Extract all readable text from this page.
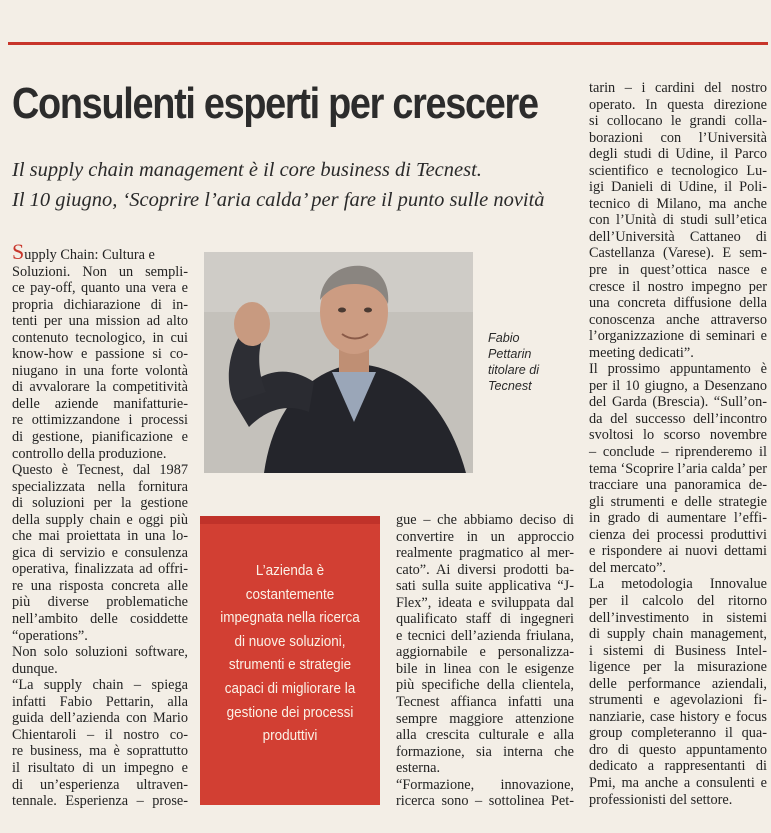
Consulenti esperti per crescere

Il supply chain management è il core business di Tecnest.

Il 10 giugno, ‘Scoprire l’aria calda’ per fare il punto sulle novità

Supply Chain: Cultura e
Soluzioni. Non un sempli-
ce pay-off, quanto una vera e
propria dichiarazione di in-
tenti per una mission ad alto
contenuto tecnologico, in cui
know-how e passione si co-
niugano in una forte volontà
di avvalorare la competitività
delle aziende manifatturie-
re ottimizzandone i processi
di gestione, pianificazione e
controllo della produzione.
Questo è Tecnest, dal 1987
specializzata nella fornitura
di soluzioni per la gestione
della supply chain e oggi più
che mai proiettata in una lo-
gica di servizio e consulenza
operativa, finalizzata ad offri-
re una risposta concreta alle
più diverse problematiche
nell’ambito delle cosiddette
“operations”.
Non solo soluzioni software,
dunque.
“La supply chain – spiega
infatti Fabio Pettarin, alla
guida dell’azienda con Mario
Chientaroli – il nostro co-
re business, ma è soprattutto
il risultato di un impegno e
di un’esperienza ultraven-
tennale. Esperienza – prose-
Fabio
Pettarin
titolare di
Tecnest
L’azienda è
costantemente
impegnata nella ricerca
di nuove soluzioni,
strumenti e strategie
capaci di migliorare la
gestione dei processi
produttivi
gue – che abbiamo deciso di
convertire in un approccio
realmente pragmatico al mer-
cato”. Ai diversi prodotti ba-
sati sulla suite applicativa “J-
Flex”, ideata e sviluppata dal
qualificato staff di ingegneri
e tecnici dell’azienda friulana,
aggiornabile e personalizza-
bile in linea con le esigenze
più specifiche della clientela,
Tecnest affianca infatti una
sempre maggiore attenzione
alla crescita culturale e alla
formazione, sia interna che
esterna.
“Formazione, innovazione,
ricerca sono – sottolinea Pet-
tarin – i cardini del nostro
operato. In questa direzione
si collocano le grandi colla-
borazioni con l’Università
degli studi di Udine, il Parco
scientifico e tecnologico Lu-
igi Danieli di Udine, il Poli-
tecnico di Milano, ma anche
con l’Unità di studi sull’etica
dell’Università Cattaneo di
Castellanza (Varese). E sem-
pre in quest’ottica nasce e
cresce il nostro impegno per
una concreta diffusione della
conoscenza anche attraverso
l’organizzazione di seminari e
meeting dedicati”.
Il prossimo appuntamento è
per il 10 giugno, a Desenzano
del Garda (Brescia). “Sull’on-
da del successo dell’incontro
svoltosi lo scorso novembre
– conclude – riprenderemo il
tema ‘Scoprire l’aria calda’ per
tracciare una panoramica de-
gli strumenti e delle strategie
in grado di aumentare l’effi-
cienza dei processi produttivi
e rispondere ai nuovi dettami
del mercato”.
La metodologia Innovalue
per il calcolo del ritorno
dell’investimento in sistemi
di supply chain management,
i sistemi di Business Intel-
ligence per la misurazione
delle performance aziendali,
strumenti e agevolazioni fi-
nanziarie, case history e focus
group completeranno il qua-
dro di questo appuntamento
dedicato a rappresentanti di
Pmi, ma anche a consulenti e
professionisti del settore.
